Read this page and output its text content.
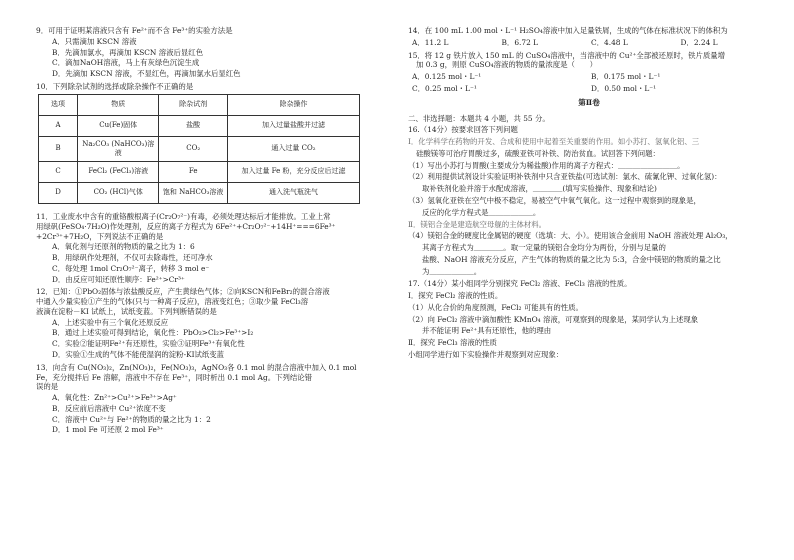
9．可用于证明某溶液只含有 Fe²⁺而不含 Fe³⁺的实验方法是
A．只需滴加 KSCN 溶液
B．先滴加氯水，再滴加 KSCN 溶液后显红色
C．滴加NaOH溶液，马上有灰绿色沉淀生成
D．先滴加 KSCN 溶液，不显红色，再滴加氯水后显红色
10．下列除杂试剂的选择或除杂操作不正确的是
选项	物质	除杂试剂	除杂操作
A	Cu(Fe)固体	盐酸	加入过量盐酸并过滤
B	Na₂CO₃ (NaHCO₃)溶液	CO₂	通入过量 CO₂
C	FeCl₂ (FeCl₃)溶液	Fe	加入过量 Fe 粉，充分反应后过滤
D	CO₂ (HCl)气体	饱和 NaHCO₃溶液	通入洗气瓶洗气
11．工业废水中含有的重铬酸根离子(Cr₂O₇²⁻)有毒，必须处理达标后才能排放。工业上常
用绿矾(FeSO₄·7H₂O)作处理剂，反应的离子方程式为 6Fe²⁺+Cr₂O₇²⁻+14H⁺===6Fe³⁺
+2Cr³⁺+7H₂O，下列说法不正确的是
A．氧化剂与还原剂的物质的量之比为 1：6
B．用绿矾作处理剂，不仅可去除毒性，还可净水
C．每处理 1mol Cr₂O₇²⁻离子，转移 3 mol e⁻
D．由反应可知还原性顺序：Fe²⁺>Cr³⁺
12．已知：①PbO₂固体与浓盐酸反应，产生黄绿色气体；②向KSCN和FeBr₂的混合溶液
中通入少量实验①产生的气体(只与一种离子反应)，溶液变红色；③取少量 FeCl₃溶
液滴在淀粉－KI 试纸上，试纸变蓝。下列判断错误的是
A．上述实验中有三个氧化还原反应
B．通过上述实验可得到结论，氧化性：PbO₂>Cl₂>Fe³⁺>I₂
C．实验②能证明Fe²⁺有还原性，实验③证明Fe³⁺有氧化性
D．实验①生成的气体不能使湿润的淀粉-KI试纸变蓝
13．向含有 Cu(NO₃)₂，Zn(NO₃)₂，Fe(NO₃)₃，AgNO₃各 0.1 mol 的混合溶液中加入 0.1 mol
Fe，充分搅拌后 Fe 溶解，溶液中不存在 Fe³⁺，同时析出 0.1 mol Ag。下列结论错
误的是
A．氧化性：Zn²⁺>Cu²⁺>Fe³⁺>Ag⁺
B．反应前后溶液中 Cu²⁺浓度不变
C．溶液中 Cu²⁺与 Fe²⁺的物质的量之比为 1：2
D．1 mol Fe 可还原 2 mol Fe³⁺
14．在 100 mL 1.00 mol・L⁻¹ H₂SO₄溶液中加入足量铁屑，生成的气体在标准状况下的体积为
A．11.2 L	B．6.72 L	C．4.48 L	D．2.24 L
15．将 12 g 铁片放入 150 mL 的 CuSO₄溶液中，当溶液中的 Cu²⁺全部被还原时，铁片质量增
加 0.3 g，则原 CuSO₄溶液的物质的量浓度是（　　）
A．0.125 mol・L⁻¹	B．0.175 mol・L⁻¹
C．0.25 mol・L⁻¹	D．0.50 mol・L⁻¹
第Ⅱ卷
二、非选择题：本题共 4 小题，共 55 分。
16.（14分）按要求回答下列问题
Ⅰ．化学科学在药物的开发、合成和使用中起着至关重要的作用。如小苏打、氢氧化铝、三
硅酸镁等可治疗胃酸过多，硫酸亚铁可补铁、防治贫血。试回答下列问题：
（1）写出小苏打与胃酸(主要成分为稀盐酸)作用的离子方程式：＿＿＿＿＿＿＿＿。
（2）利用提供试剂设计实验证明补铁剂中只含亚铁盐(可选试剂：氯水、硫氰化钾、过氧化氢)：
取补铁剂化验并溶于水配成溶液，＿＿＿＿(填写实验操作、现象和结论)
（3）氢氧化亚铁在空气中极不稳定，易被空气中氧气氧化。这一过程中观察到的现象是，
反应的化学方程式是＿＿＿＿＿＿。
Ⅱ．镁铝合金是建造航空母舰的主体材料。
（4）镁铝合金的硬度比金属铝的硬度（选填：大、小）。使用该合金前用 NaOH 溶液处理 Al₂O₃，
其离子方程式为＿＿＿＿。取一定量的镁铝合金均分为两份，分别与足量的
盐酸、NaOH 溶液充分反应，产生气体的物质的量之比为 5:3，合金中镁铝的物质的量之比
为＿＿＿＿＿＿。
17.（14分）某小组同学分别探究 FeCl₂ 溶液、FeCl₃ 溶液的性质。
Ⅰ．探究 FeCl₂ 溶液的性质。
（1）从化合价的角度预测，FeCl₂ 可能具有的性质。
（2）向 FeCl₂ 溶液中滴加酸性 KMnO₄ 溶液，可观察到的现象是，某同学认为上述现象
并不能证明 Fe²⁺具有还原性，他的理由
Ⅱ．探究 FeCl₃ 溶液的性质
小组同学进行如下实验操作并观察到对应现象：
